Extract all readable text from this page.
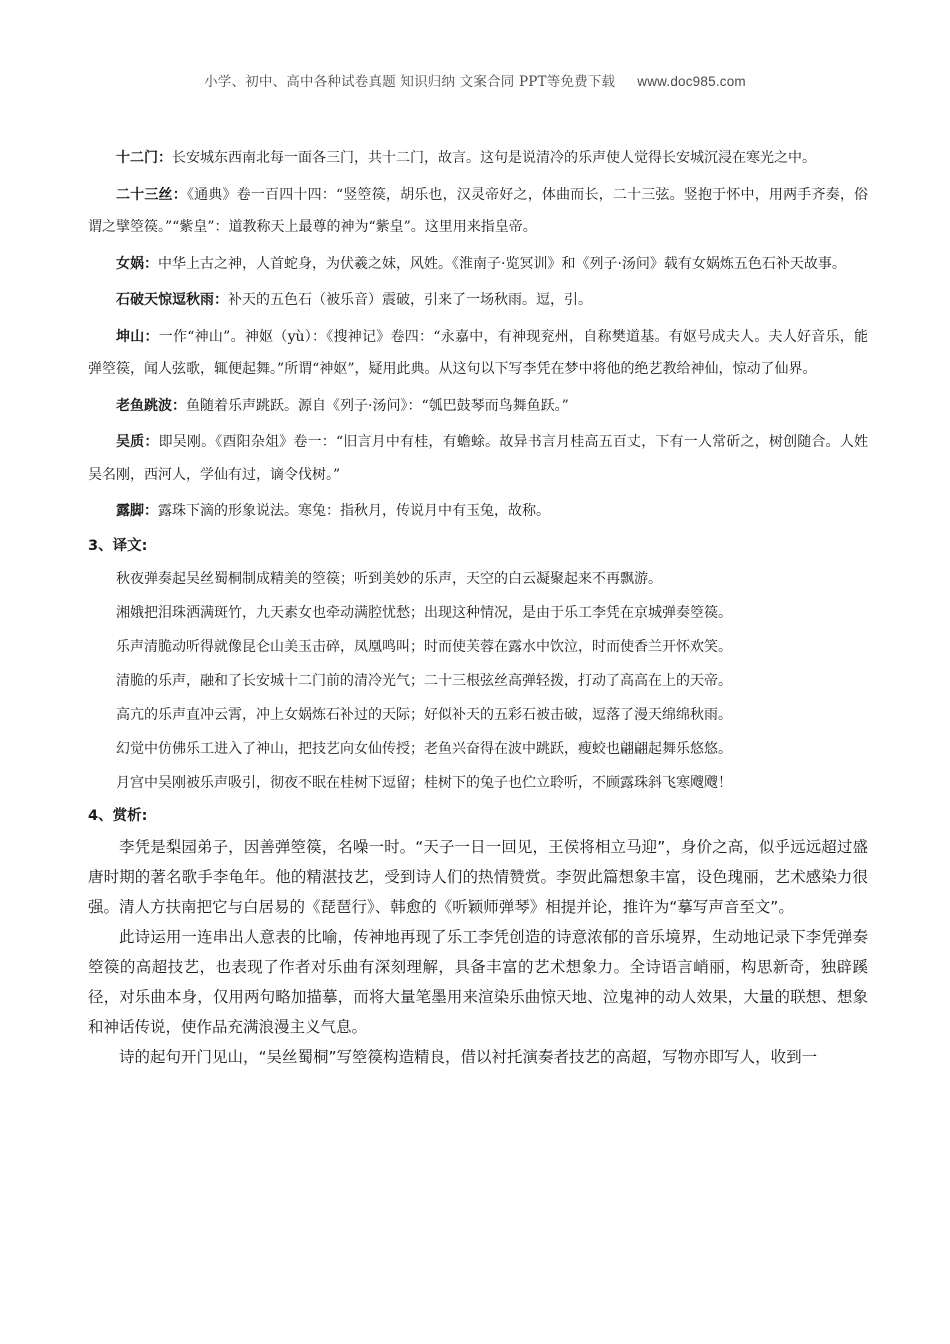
小学、初中、高中各种试卷真题 知识归纳 文案合同 PPT等免费下载 www.doc985.com

十二门：长安城东西南北每一面各三门，共十二门，故言。这句是说清冷的乐声使人觉得长安城沉浸在寒光之中。

二十三丝：《通典》卷一百四十四：“竖箜篌，胡乐也，汉灵帝好之，体曲而长，二十三弦。竖抱于怀中，用两手齐奏，俗谓之擘箜篌。”“紫皇”：道教称天上最尊的神为“紫皇”。这里用来指皇帝。

女娲：中华上古之神，人首蛇身，为伏羲之妹，风姓。《淮南子·览冥训》和《列子·汤问》载有女娲炼五色石补天故事。

石破天惊逗秋雨：补天的五色石（被乐音）震破，引来了一场秋雨。逗，引。

坤山：一作“神山”。神妪（yù）：《搜神记》卷四：“永嘉中，有神现兖州，自称樊道基。有妪号成夫人。夫人好音乐，能弹箜篌，闻人弦歌，辄便起舞。”所谓“神妪”，疑用此典。从这句以下写李凭在梦中将他的绝艺教给神仙，惊动了仙界。

老鱼跳波：鱼随着乐声跳跃。源自《列子·汤问》：“瓠巴鼓琴而鸟舞鱼跃。”

吴质：即吴刚。《酉阳杂俎》卷一：“旧言月中有桂，有蟾蜍。故异书言月桂高五百丈，下有一人常斫之，树创随合。人姓吴名刚，西河人，学仙有过，谪令伐树。”

露脚：露珠下滴的形象说法。寒兔：指秋月，传说月中有玉兔，故称。

3、译文:

秋夜弹奏起吴丝蜀桐制成精美的箜篌；听到美妙的乐声，天空的白云凝聚起来不再飘游。

湘娥把泪珠洒满斑竹，九天素女也牵动满腔忧愁；出现这种情况，是由于乐工李凭在京城弹奏箜篌。

乐声清脆动听得就像昆仑山美玉击碎，凤凰鸣叫；时而使芙蓉在露水中饮泣，时而使香兰开怀欢笑。

清脆的乐声，融和了长安城十二门前的清冷光气；二十三根弦丝高弹轻拨，打动了高高在上的天帝。

高亢的乐声直冲云霄，冲上女娲炼石补过的天际；好似补天的五彩石被击破，逗落了漫天绵绵秋雨。

幻觉中仿佛乐工进入了神山，把技艺向女仙传授；老鱼兴奋得在波中跳跃，瘦蛟也翩翩起舞乐悠悠。

月宫中吴刚被乐声吸引，彻夜不眠在桂树下逗留；桂树下的兔子也伫立聆听，不顾露珠斜飞寒飕飕！

4、赏析:

李凭是梨园弟子，因善弹箜篌，名噪一时。“天子一日一回见，王侯将相立马迎”，身价之高，似乎远远超过盛唐时期的著名歌手李龟年。他的精湛技艺，受到诗人们的热情赞赏。李贺此篇想象丰富，设色瑰丽，艺术感染力很强。清人方扶南把它与白居易的《琵琶行》、韩愈的《听颖师弹琴》相提并论，推许为“摹写声音至文”。

此诗运用一连串出人意表的比喻，传神地再现了乐工李凭创造的诗意浓郁的音乐境界，生动地记录下李凭弹奏箜篌的高超技艺，也表现了作者对乐曲有深刻理解，具备丰富的艺术想象力。全诗语言峭丽，构思新奇，独辟蹊径，对乐曲本身，仅用两句略加描摹，而将大量笔墨用来渲染乐曲惊天地、泣鬼神的动人效果，大量的联想、想象和神话传说，使作品充满浪漫主义气息。

诗的起句开门见山，“吴丝蜀桐”写箜篌构造精良，借以衬托演奏者技艺的高超，写物亦即写人，收到一
